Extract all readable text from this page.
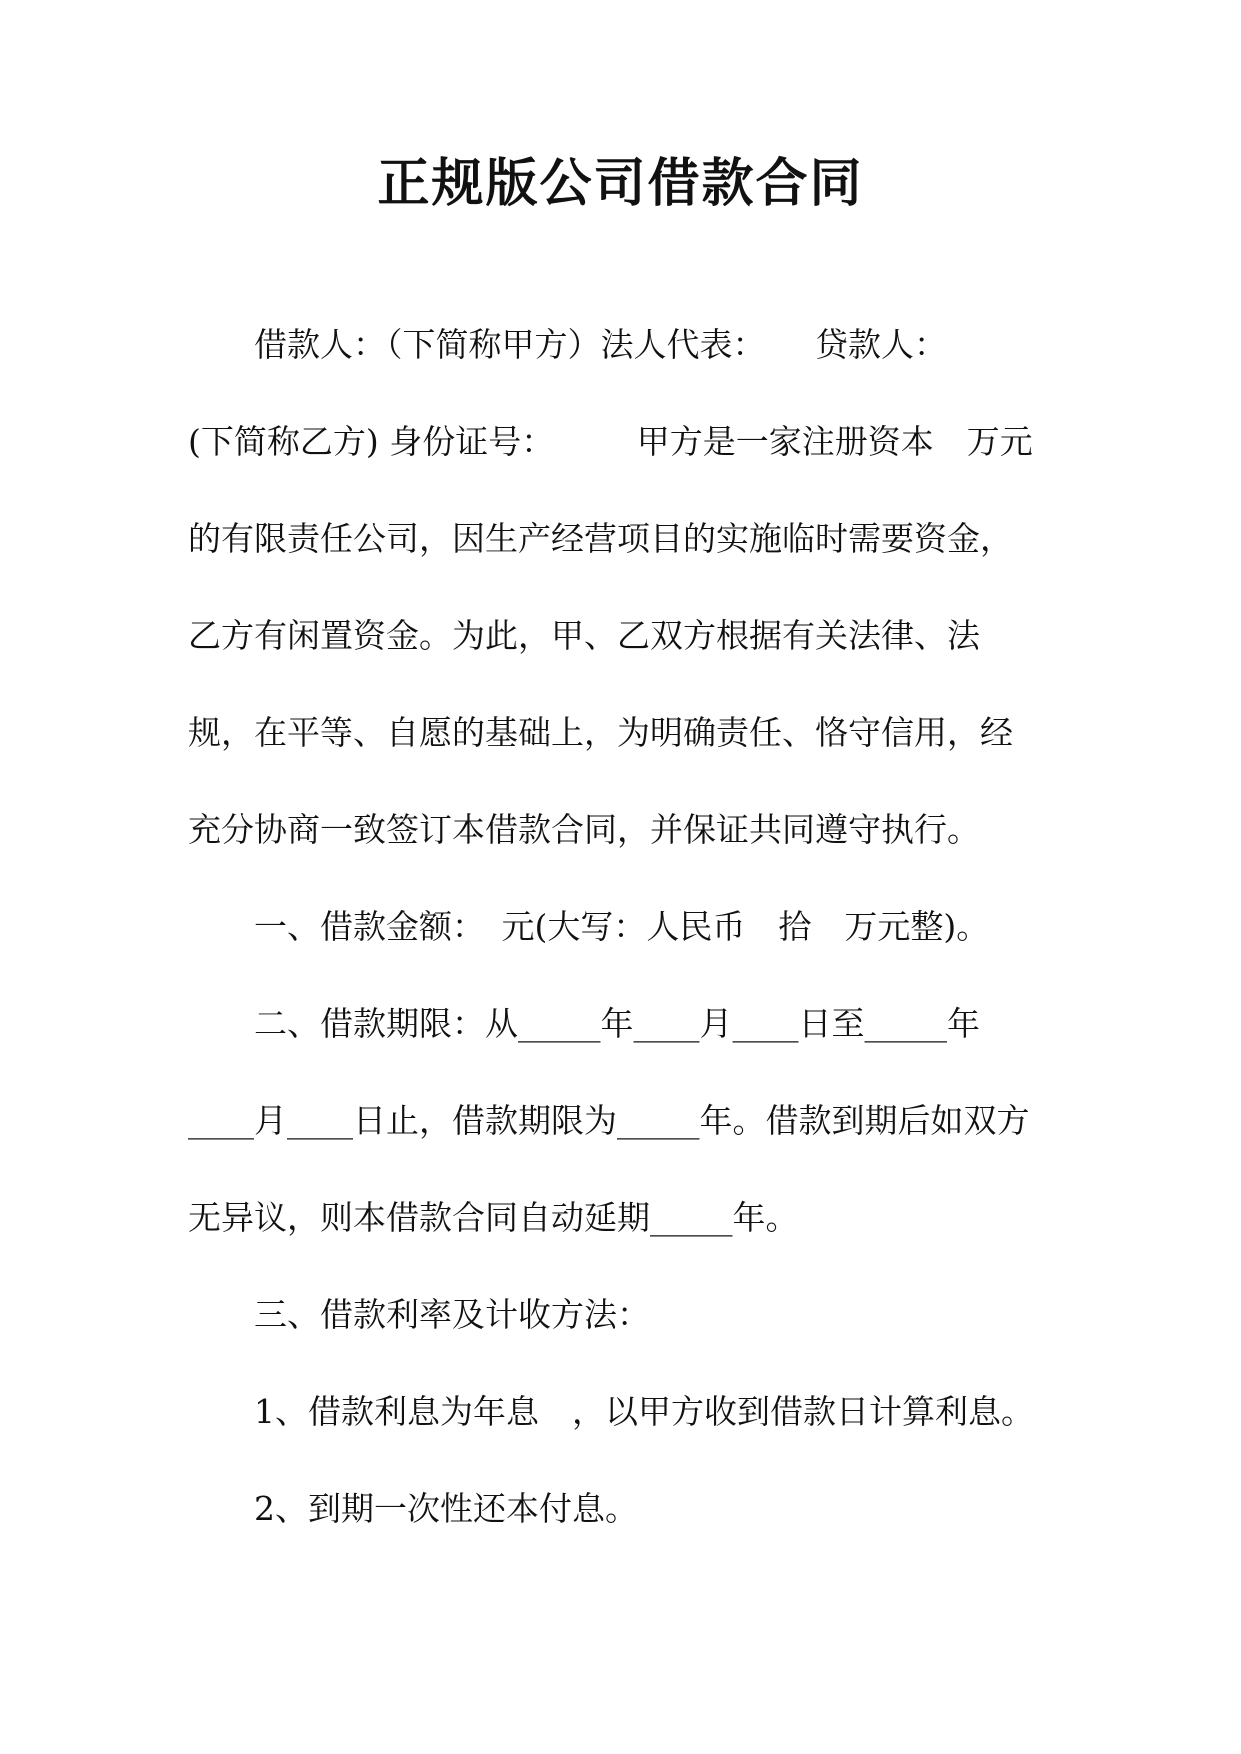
正规版公司借款合同
借款人：（下简称甲方）法人代表：　　贷款人：
(下简称乙方) 身份证号：　　　甲方是一家注册资本　万元
的有限责任公司，因生产经营项目的实施临时需要资金，
乙方有闲置资金。为此，甲、乙双方根据有关法律、法
规，在平等、自愿的基础上，为明确责任、恪守信用，经
充分协商一致签订本借款合同，并保证共同遵守执行。
一、借款金额：　元(大写：人民币　拾　万元整)。
二、借款期限：从_____年____月____日至_____年
____月____日止，借款期限为_____年。借款到期后如双方
无异议，则本借款合同自动延期_____年。
三、借款利率及计收方法：
1、借款利息为年息　，以甲方收到借款日计算利息。
2、到期一次性还本付息。
